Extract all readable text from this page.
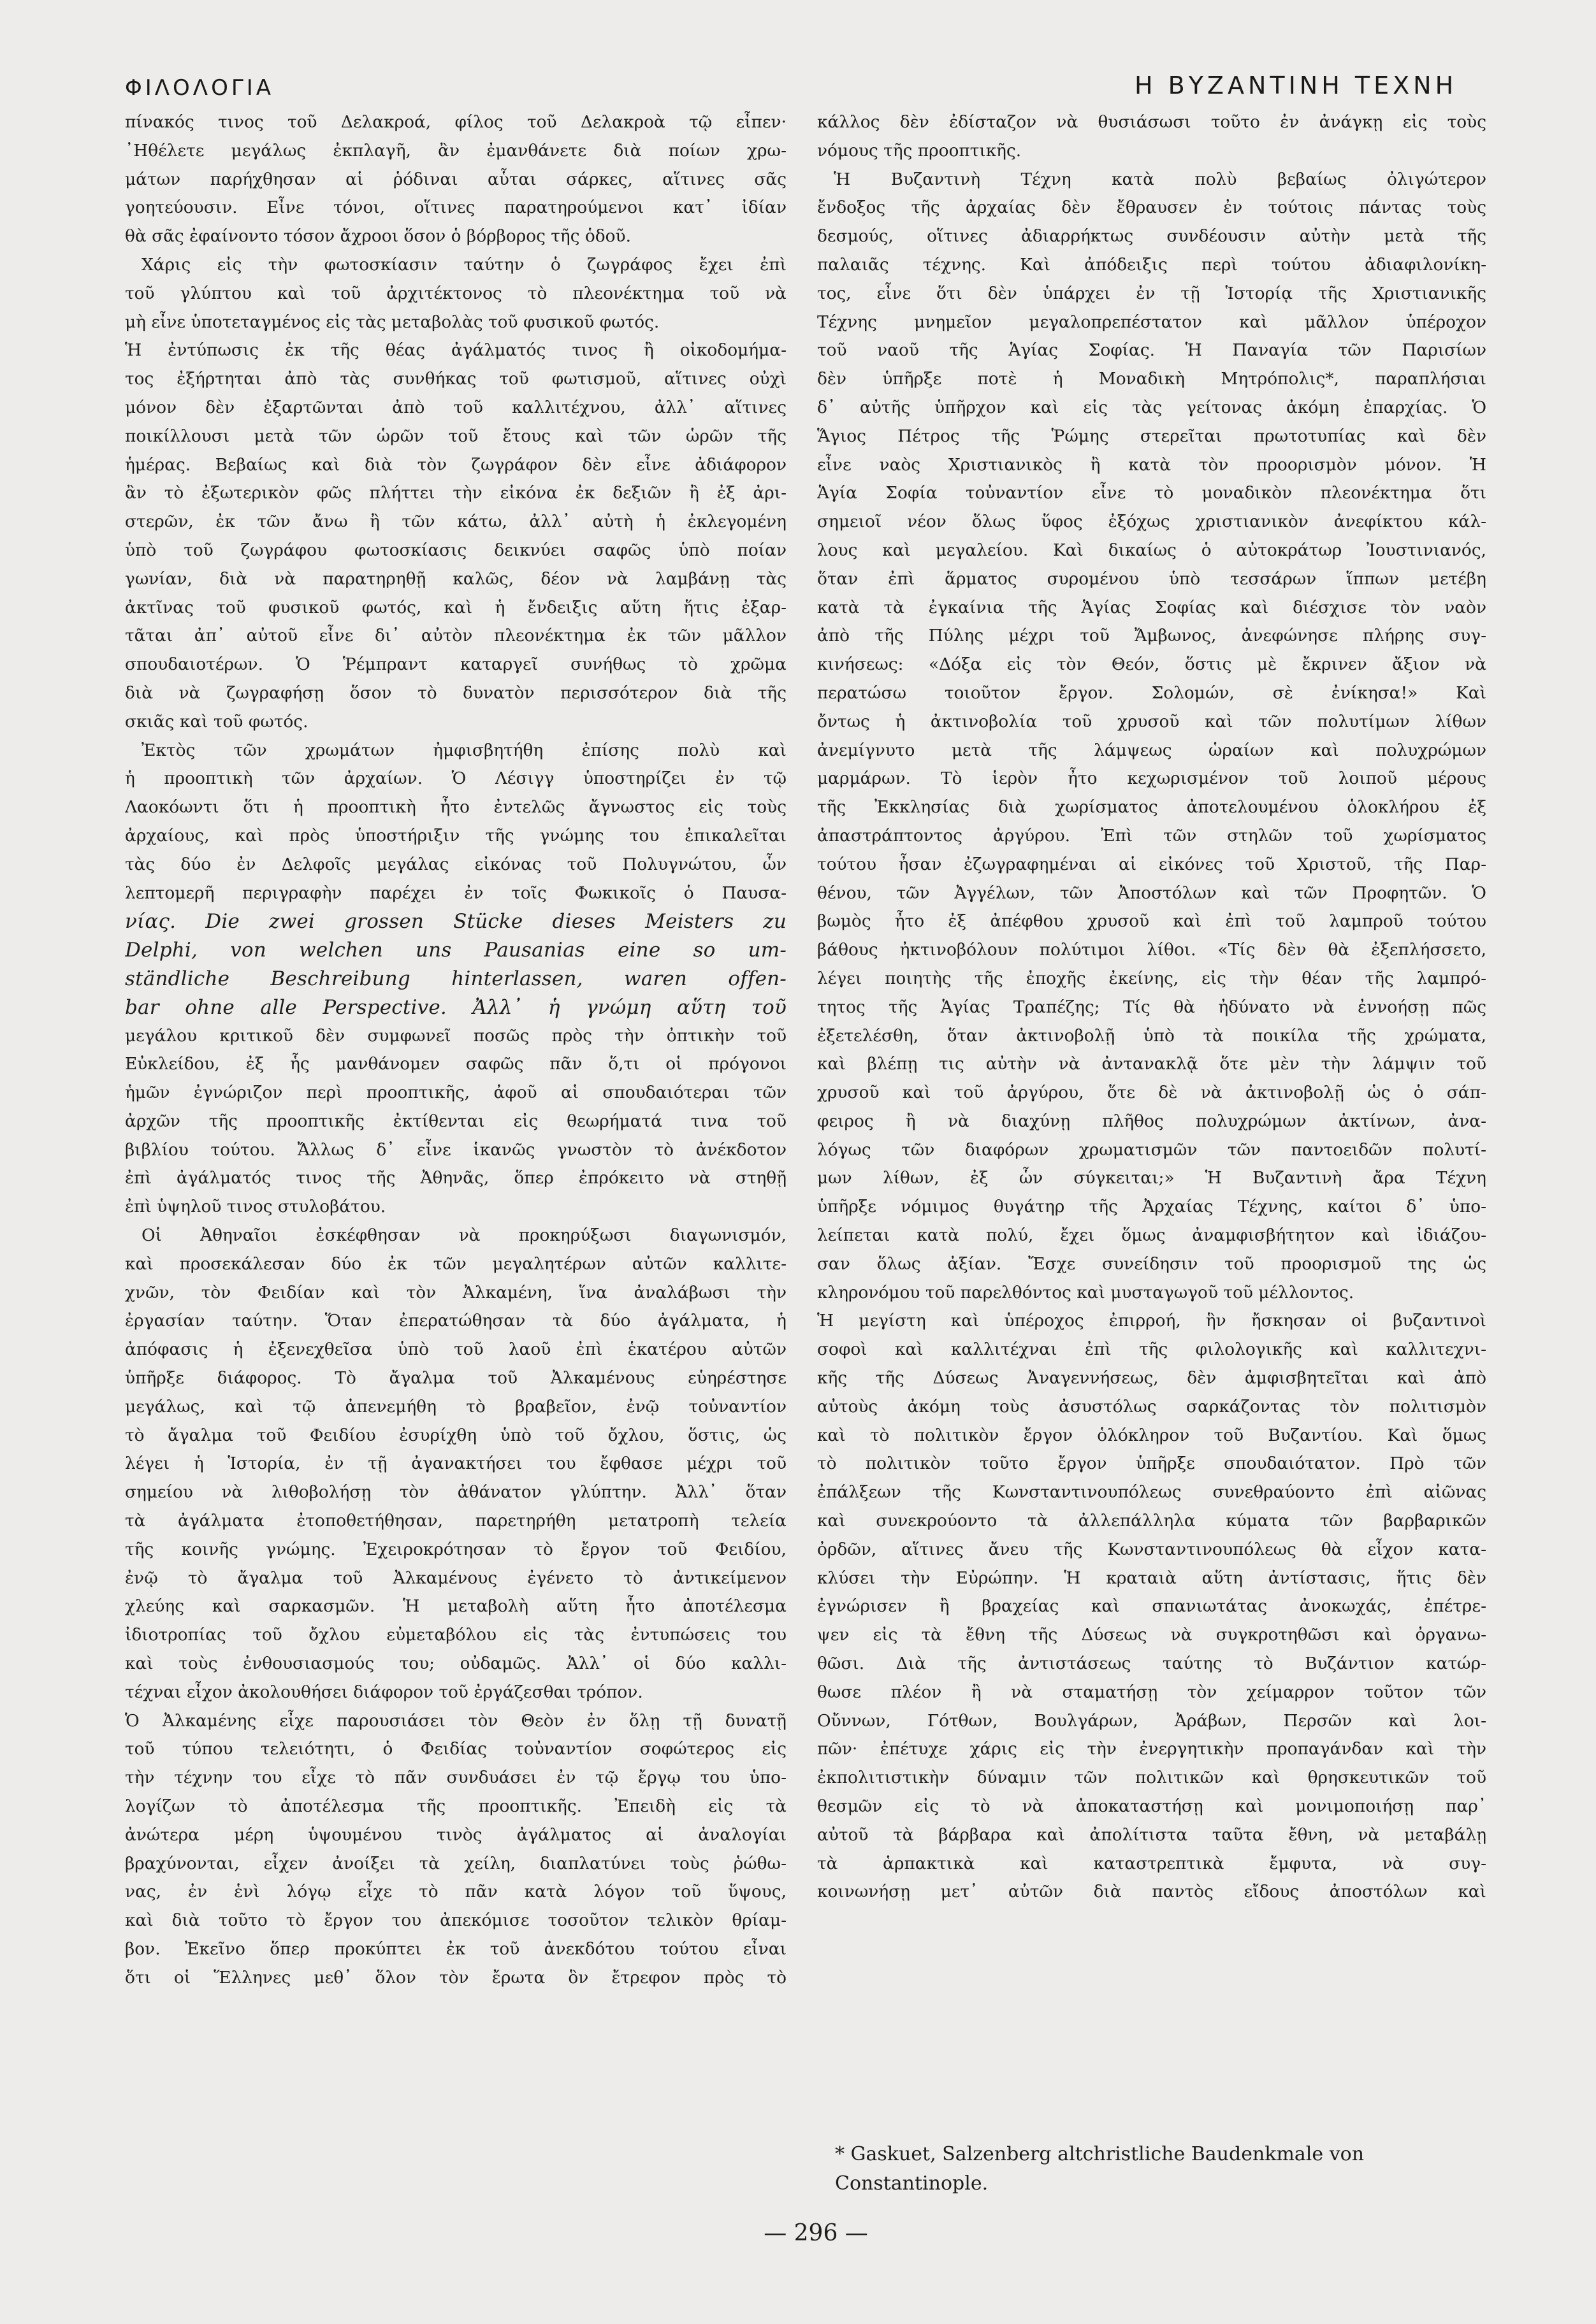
ΦΙΛΟΛΟΓΙΑ	Η ΒΥΖΑΝΤΙΝΗ ΤΕΧΝΗ

πίνακός τινος τοῦ Δελακροά, φίλος τοῦ Δελακροὰ τῷ εἶπεν·

᾿Ηθέλετε μεγάλως ἐκπλαγῆ, ἂν ἐμανθάνετε διὰ ποίων χρω-

μάτων παρήχθησαν αἱ ῥόδιναι αὗται σάρκες, αἵτινες σᾶς

γοητεύουσιν. Εἶνε τόνοι, οἵτινες παρατηρούμενοι κατ᾽ ἰδίαν

θὰ σᾶς ἐφαίνοντο τόσον ἄχροοι ὅσον ὁ βόρβορος τῆς ὁδοῦ.

Χάρις εἰς τὴν φωτοσκίασιν ταύτην ὁ ζωγράφος ἔχει ἐπὶ

τοῦ γλύπτου καὶ τοῦ ἀρχιτέκτονος τὸ πλεονέκτημα τοῦ νὰ

μὴ εἶνε ὑποτεταγμένος εἰς τὰς μεταβολὰς τοῦ φυσικοῦ φωτός.

Ἡ ἐντύπωσις ἐκ τῆς θέας ἀγάλματός τινος ἢ οἰκοδομήμα-

τος ἐξήρτηται ἀπὸ τὰς συνθήκας τοῦ φωτισμοῦ, αἵτινες οὐχὶ

μόνον δὲν ἐξαρτῶνται ἀπὸ τοῦ καλλιτέχνου, ἀλλ᾽ αἵτινες

ποικίλλουσι μετὰ τῶν ὡρῶν τοῦ ἔτους καὶ τῶν ὡρῶν τῆς

ἡμέρας. Βεβαίως καὶ διὰ τὸν ζωγράφον δὲν εἶνε ἀδιάφορον

ἂν τὸ ἐξωτερικὸν φῶς πλήττει τὴν εἰκόνα ἐκ δεξιῶν ἢ ἐξ ἀρι-

στερῶν, ἐκ τῶν ἄνω ἢ τῶν κάτω, ἀλλ᾽ αὐτὴ ἡ ἐκλεγομένη

ὑπὸ τοῦ ζωγράφου φωτοσκίασις δεικνύει σαφῶς ὑπὸ ποίαν

γωνίαν, διὰ νὰ παρατηρηθῇ καλῶς, δέον νὰ λαμβάνῃ τὰς

ἀκτῖνας τοῦ φυσικοῦ φωτός, καὶ ἡ ἔνδειξις αὕτη ἥτις ἐξαρ-

τᾶται ἀπ᾽ αὐτοῦ εἶνε δι᾽ αὐτὸν πλεονέκτημα ἐκ τῶν μᾶλλον

σπουδαιοτέρων. Ὁ Ῥέμπραντ καταργεῖ συνήθως τὸ χρῶμα

διὰ νὰ ζωγραφήσῃ ὅσον τὸ δυνατὸν περισσότερον διὰ τῆς

σκιᾶς καὶ τοῦ φωτός.

Ἐκτὸς τῶν χρωμάτων ἠμφισβητήθη ἐπίσης πολὺ καὶ

ἡ προοπτικὴ τῶν ἀρχαίων. Ὁ Λέσιγγ ὑποστηρίζει ἐν τῷ

Λαοκόωντι ὅτι ἡ προοπτικὴ ἦτο ἐντελῶς ἄγνωστος εἰς τοὺς

ἀρχαίους, καὶ πρὸς ὑποστήριξιν τῆς γνώμης του ἐπικαλεῖται

τὰς δύο ἐν Δελφοῖς μεγάλας εἰκόνας τοῦ Πολυγνώτου, ὧν

λεπτομερῆ περιγραφὴν παρέχει ἐν τοῖς Φωκικοῖς ὁ Παυσα-

νίας. Die zwei grossen Stücke dieses Meisters zu

Delphi, von welchen uns Pausanias eine so um-

ständliche Beschreibung hinterlassen, waren offen-

bar ohne alle Perspective. Ἀλλ᾽ ἡ γνώμη αὕτη τοῦ

μεγάλου κριτικοῦ δὲν συμφωνεῖ ποσῶς πρὸς τὴν ὀπτικὴν τοῦ

Εὐκλείδου, ἐξ ἧς μανθάνομεν σαφῶς πᾶν ὅ,τι οἱ πρόγονοι

ἡμῶν ἐγνώριζον περὶ προοπτικῆς, ἀφοῦ αἱ σπουδαιότεραι τῶν

ἀρχῶν τῆς προοπτικῆς ἐκτίθενται εἰς θεωρήματά τινα τοῦ

βιβλίου τούτου. Ἄλλως δ᾽ εἶνε ἱκανῶς γνωστὸν τὸ ἀνέκδοτον

ἐπὶ ἀγάλματός τινος τῆς Ἀθηνᾶς, ὅπερ ἐπρόκειτο νὰ στηθῇ

ἐπὶ ὑψηλοῦ τινος στυλοβάτου.

Οἱ Ἀθηναῖοι ἐσκέφθησαν νὰ προκηρύξωσι διαγωνισμόν,

καὶ προσεκάλεσαν δύο ἐκ τῶν μεγαλητέρων αὐτῶν καλλιτε-

χνῶν, τὸν Φειδίαν καὶ τὸν Ἀλκαμένη, ἵνα ἀναλάβωσι τὴν

ἐργασίαν ταύτην. Ὅταν ἐπερατώθησαν τὰ δύο ἀγάλματα, ἡ

ἀπόφασις ἡ ἐξενεχθεῖσα ὑπὸ τοῦ λαοῦ ἐπὶ ἑκατέρου αὐτῶν

ὑπῆρξε διάφορος. Τὸ ἄγαλμα τοῦ Ἀλκαμένους εὑηρέστησε

μεγάλως, καὶ τῷ ἀπενεμήθη τὸ βραβεῖον, ἐνῷ τοὐναντίον

τὸ ἄγαλμα τοῦ Φειδίου ἐσυρίχθη ὑπὸ τοῦ ὄχλου, ὅστις, ὡς

λέγει ἡ Ἱστορία, ἐν τῇ ἀγανακτήσει του ἔφθασε μέχρι τοῦ

σημείου νὰ λιθοβολήσῃ τὸν ἀθάνατον γλύπτην. Ἀλλ᾽ ὅταν

τὰ ἀγάλματα ἐτοποθετήθησαν, παρετηρήθη μετατροπὴ τελεία

τῆς κοινῆς γνώμης. Ἐχειροκρότησαν τὸ ἔργον τοῦ Φειδίου,

ἐνῷ τὸ ἄγαλμα τοῦ Ἀλκαμένους ἐγένετο τὸ ἀντικείμενον

χλεύης καὶ σαρκασμῶν. Ἡ μεταβολὴ αὕτη ἦτο ἀποτέλεσμα

ἰδιοτροπίας τοῦ ὄχλου εὐμεταβόλου εἰς τὰς ἐντυπώσεις του

καὶ τοὺς ἐνθουσιασμούς του; οὐδαμῶς. Ἀλλ᾽ οἱ δύο καλλι-

τέχναι εἶχον ἀκολουθήσει διάφορον τοῦ ἐργάζεσθαι τρόπον.

Ὁ Ἀλκαμένης εἶχε παρουσιάσει τὸν Θεὸν ἐν ὅλῃ τῇ δυνατῇ

τοῦ τύπου τελειότητι, ὁ Φειδίας τοὐναντίον σοφώτερος εἰς

τὴν τέχνην του εἶχε τὸ πᾶν συνδυάσει ἐν τῷ ἔργῳ του ὑπο-

λογίζων τὸ ἀποτέλεσμα τῆς προοπτικῆς. Ἐπειδὴ εἰς τὰ

ἀνώτερα μέρη ὑψουμένου τινὸς ἀγάλματος αἱ ἀναλογίαι

βραχύνονται, εἶχεν ἀνοίξει τὰ χείλη, διαπλατύνει τοὺς ῥώθω-

νας, ἐν ἑνὶ λόγῳ εἶχε τὸ πᾶν κατὰ λόγον τοῦ ὕψους,

καὶ διὰ τοῦτο τὸ ἔργον του ἀπεκόμισε τοσοῦτον τελικὸν θρίαμ-

βον. Ἐκεῖνο ὅπερ προκύπτει ἐκ τοῦ ἀνεκδότου τούτου εἶναι

ὅτι οἱ Ἕλληνες μεθ᾽ ὅλον τὸν ἔρωτα ὃν ἔτρεφον πρὸς τὸ

κάλλος δὲν ἐδίσταζον νὰ θυσιάσωσι τοῦτο ἐν ἀνάγκῃ εἰς τοὺς

νόμους τῆς προοπτικῆς.

Ἡ Βυζαντινὴ Τέχνη κατὰ πολὺ βεβαίως ὀλιγώτερον

ἔνδοξος τῆς ἀρχαίας δὲν ἔθραυσεν ἐν τούτοις πάντας τοὺς

δεσμούς, οἵτινες ἀδιαρρήκτως συνδέουσιν αὐτὴν μετὰ τῆς

παλαιᾶς τέχνης. Καὶ ἀπόδειξις περὶ τούτου ἀδιαφιλονίκη-

τος, εἶνε ὅτι δὲν ὑπάρχει ἐν τῇ Ἱστορίᾳ τῆς Χριστιανικῆς

Τέχνης μνημεῖον μεγαλοπρεπέστατον καὶ μᾶλλον ὑπέροχον

τοῦ ναοῦ τῆς Ἁγίας Σοφίας. Ἡ Παναγία τῶν Παρισίων

δὲν ὑπῆρξε ποτὲ ἡ Μοναδικὴ Μητρόπολις*, παραπλήσιαι

δ᾽ αὐτῆς ὑπῆρχον καὶ εἰς τὰς γείτονας ἀκόμη ἐπαρχίας. Ὁ

Ἅγιος Πέτρος τῆς Ῥώμης στερεῖται πρωτοτυπίας καὶ δὲν

εἶνε ναὸς Χριστιανικὸς ἢ κατὰ τὸν προορισμὸν μόνον. Ἡ

Ἁγία Σοφία τοὐναντίον εἶνε τὸ μοναδικὸν πλεονέκτημα ὅτι

σημειοῖ νέον ὅλως ὕφος ἐξόχως χριστιανικὸν ἀνεφίκτου κάλ-

λους καὶ μεγαλείου. Καὶ δικαίως ὁ αὐτοκράτωρ Ἰουστινιανός,

ὅταν ἐπὶ ἅρματος συρομένου ὑπὸ τεσσάρων ἵππων μετέβη

κατὰ τὰ ἐγκαίνια τῆς Ἁγίας Σοφίας καὶ διέσχισε τὸν ναὸν

ἀπὸ τῆς Πύλης μέχρι τοῦ Ἄμβωνος, ἀνεφώνησε πλήρης συγ-

κινήσεως: «Δόξα εἰς τὸν Θεόν, ὅστις μὲ ἔκρινεν ἄξιον νὰ

περατώσω τοιοῦτον ἔργον. Σολομών, σὲ ἐνίκησα!» Καὶ

ὄντως ἡ ἀκτινοβολία τοῦ χρυσοῦ καὶ τῶν πολυτίμων λίθων

ἀνεμίγνυτο μετὰ τῆς λάμψεως ὡραίων καὶ πολυχρώμων

μαρμάρων. Τὸ ἱερὸν ἦτο κεχωρισμένον τοῦ λοιποῦ μέρους

τῆς Ἐκκλησίας διὰ χωρίσματος ἀποτελουμένου ὁλοκλήρου ἐξ

ἀπαστράπτοντος ἀργύρου. Ἐπὶ τῶν στηλῶν τοῦ χωρίσματος

τούτου ἦσαν ἐζωγραφημέναι αἱ εἰκόνες τοῦ Χριστοῦ, τῆς Παρ-

θένου, τῶν Ἀγγέλων, τῶν Ἀποστόλων καὶ τῶν Προφητῶν. Ὁ

βωμὸς ἦτο ἐξ ἀπέφθου χρυσοῦ καὶ ἐπὶ τοῦ λαμπροῦ τούτου

βάθους ἠκτινοβόλουν πολύτιμοι λίθοι. «Τίς δὲν θὰ ἐξεπλήσσετο,

λέγει ποιητὴς τῆς ἐποχῆς ἐκείνης, εἰς τὴν θέαν τῆς λαμπρό-

τητος τῆς Ἁγίας Τραπέζης; Τίς θὰ ἠδύνατο νὰ ἐννοήσῃ πῶς

ἐξετελέσθη, ὅταν ἀκτινοβολῇ ὑπὸ τὰ ποικίλα τῆς χρώματα,

καὶ βλέπῃ τις αὐτὴν νὰ ἀντανακλᾷ ὅτε μὲν τὴν λάμψιν τοῦ

χρυσοῦ καὶ τοῦ ἀργύρου, ὅτε δὲ νὰ ἀκτινοβολῇ ὡς ὁ σάπ-

φειρος ἢ νὰ διαχύνῃ πλῆθος πολυχρώμων ἀκτίνων, ἀνα-

λόγως τῶν διαφόρων χρωματισμῶν τῶν παντοειδῶν πολυτί-

μων λίθων, ἐξ ὧν σύγκειται;» Ἡ Βυζαντινὴ ἄρα Τέχνη

ὑπῆρξε νόμιμος θυγάτηρ τῆς Ἀρχαίας Τέχνης, καίτοι δ᾽ ὑπο-

λείπεται κατὰ πολύ, ἔχει ὅμως ἀναμφισβήτητον καὶ ἰδιάζου-

σαν ὅλως ἀξίαν. Ἔσχε συνείδησιν τοῦ προορισμοῦ της ὡς

κληρονόμου τοῦ παρελθόντος καὶ μυσταγωγοῦ τοῦ μέλλοντος.

Ἡ μεγίστη καὶ ὑπέροχος ἐπιρροή, ἣν ἤσκησαν οἱ βυζαντινοὶ

σοφοὶ καὶ καλλιτέχναι ἐπὶ τῆς φιλολογικῆς καὶ καλλιτεχνι-

κῆς τῆς Δύσεως Ἀναγεννήσεως, δὲν ἀμφισβητεῖται καὶ ἀπὸ

αὐτοὺς ἀκόμη τοὺς ἀσυστόλως σαρκάζοντας τὸν πολιτισμὸν

καὶ τὸ πολιτικὸν ἔργον ὁλόκληρον τοῦ Βυζαντίου. Καὶ ὅμως

τὸ πολιτικὸν τοῦτο ἔργον ὑπῆρξε σπουδαιότατον. Πρὸ τῶν

ἐπάλξεων τῆς Κωνσταντινουπόλεως συνεθραύοντο ἐπὶ αἰῶνας

καὶ συνεκρούοντο τὰ ἀλλεπάλληλα κύματα τῶν βαρβαρικῶν

ὀρδῶν, αἵτινες ἄνευ τῆς Κωνσταντινουπόλεως θὰ εἶχον κατα-

κλύσει τὴν Εὐρώπην. Ἡ κραταιὰ αὕτη ἀντίστασις, ἥτις δὲν

ἐγνώρισεν ἢ βραχείας καὶ σπανιωτάτας ἀνοκωχάς, ἐπέτρε-

ψεν εἰς τὰ ἔθνη τῆς Δύσεως νὰ συγκροτηθῶσι καὶ ὀργανω-

θῶσι. Διὰ τῆς ἀντιστάσεως ταύτης τὸ Βυζάντιον κατώρ-

θωσε πλέον ἢ νὰ σταματήσῃ τὸν χείμαρρον τοῦτον τῶν

Οὔννων, Γότθων, Βουλγάρων, Ἀράβων, Περσῶν καὶ λοι-

πῶν· ἐπέτυχε χάρις εἰς τὴν ἐνεργητικὴν προπαγάνδαν καὶ τὴν

ἐκπολιτιστικὴν δύναμιν τῶν πολιτικῶν καὶ θρησκευτικῶν τοῦ

θεσμῶν εἰς τὸ νὰ ἀποκαταστήσῃ καὶ μονιμοποιήσῃ παρ᾽

αὐτοῦ τὰ βάρβαρα καὶ ἀπολίτιστα ταῦτα ἔθνη, νὰ μεταβάλῃ

τὰ ἁρπακτικὰ καὶ καταστρεπτικὰ ἔμφυτα, νὰ συγ-

κοινωνήσῃ μετ᾽ αὐτῶν διὰ παντὸς εἴδους ἀποστόλων καὶ

* Gaskuet, Salzenberg altchristliche Baudenkmale von

Constantinople.

— 296 —
